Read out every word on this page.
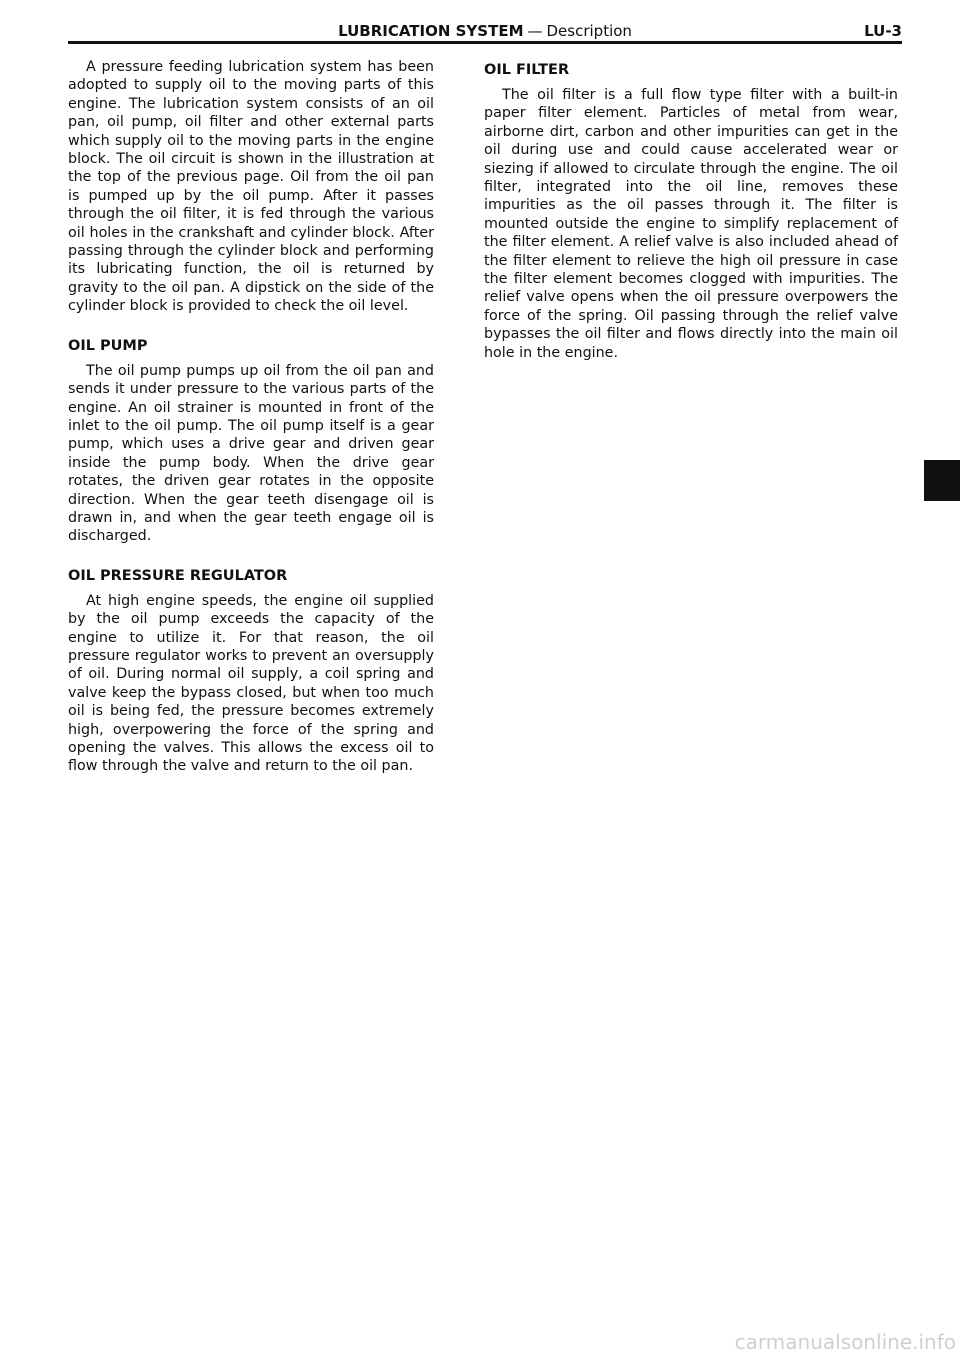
LUBRICATION SYSTEM — Description	LU-3

A pressure feeding lubrication system has been adopted to supply oil to the moving parts of this engine. The lubrication system consists of an oil pan, oil pump, oil filter and other external parts which supply oil to the moving parts in the engine block. The oil circuit is shown in the illustration at the top of the previous page. Oil from the oil pan is pumped up by the oil pump. After it passes through the oil filter, it is fed through the various oil holes in the crankshaft and cylinder block. After passing through the cylinder block and performing its lubricating function, the oil is returned by gravity to the oil pan. A dipstick on the side of the cylinder block is provided to check the oil level.

OIL PUMP

The oil pump pumps up oil from the oil pan and sends it under pressure to the various parts of the engine. An oil strainer is mounted in front of the inlet to the oil pump. The oil pump itself is a gear pump, which uses a drive gear and driven gear inside the pump body. When the drive gear rotates, the driven gear rotates in the opposite direction. When the gear teeth disengage oil is drawn in, and when the gear teeth engage oil is discharged.

OIL PRESSURE REGULATOR

At high engine speeds, the engine oil supplied by the oil pump exceeds the capacity of the engine to utilize it. For that reason, the oil pressure regulator works to prevent an oversupply of oil. During normal oil supply, a coil spring and valve keep the bypass closed, but when too much oil is being fed, the pressure becomes extremely high, overpowering the force of the spring and opening the valves. This allows the excess oil to flow through the valve and return to the oil pan.

OIL FILTER

The oil filter is a full flow type filter with a built-in paper filter element. Particles of metal from wear, airborne dirt, carbon and other impurities can get in the oil during use and could cause accelerated wear or siezing if allowed to circulate through the engine. The oil filter, integrated into the oil line, removes these impurities as the oil passes through it. The filter is mounted outside the engine to simplify replacement of the filter element. A relief valve is also included ahead of the filter element to relieve the high oil pressure in case the filter element becomes clogged with impurities. The relief valve opens when the oil pressure overpowers the force of the spring. Oil passing through the relief valve bypasses the oil filter and flows directly into the main oil hole in the engine.

carmanualsonline.info
